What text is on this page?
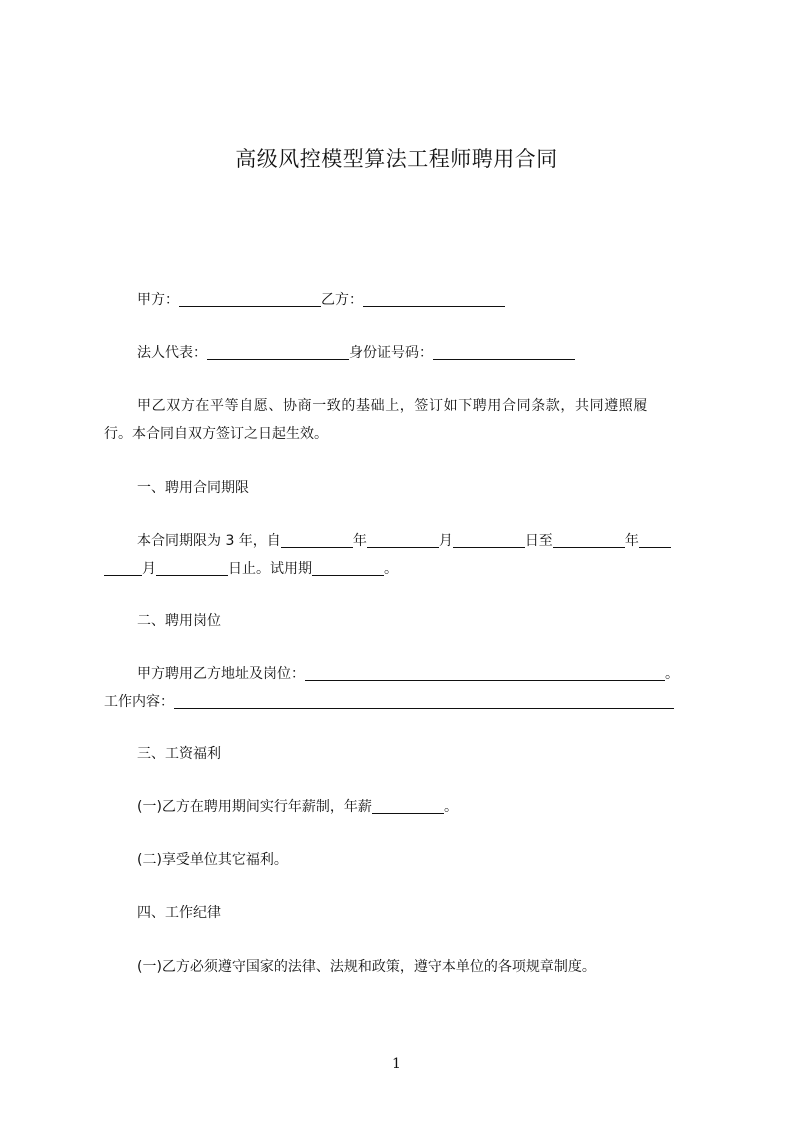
高级风控模型算法工程师聘用合同
甲方：	乙方：
法人代表：	身份证号码：
甲乙双方在平等自愿、协商一致的基础上，签订如下聘用合同条款，共同遵照履
行。本合同自双方签订之日起生效。
一、聘用合同期限
本合同期限为 3 年，自	年	月	日至	年
月	日止。试用期	。
二、聘用岗位
甲方聘用乙方地址及岗位：	。
工作内容：
三、工资福利
(一)乙方在聘用期间实行年薪制，年薪	。
(二)享受单位其它福利。
四、工作纪律
(一)乙方必须遵守国家的法律、法规和政策，遵守本单位的各项规章制度。
1
